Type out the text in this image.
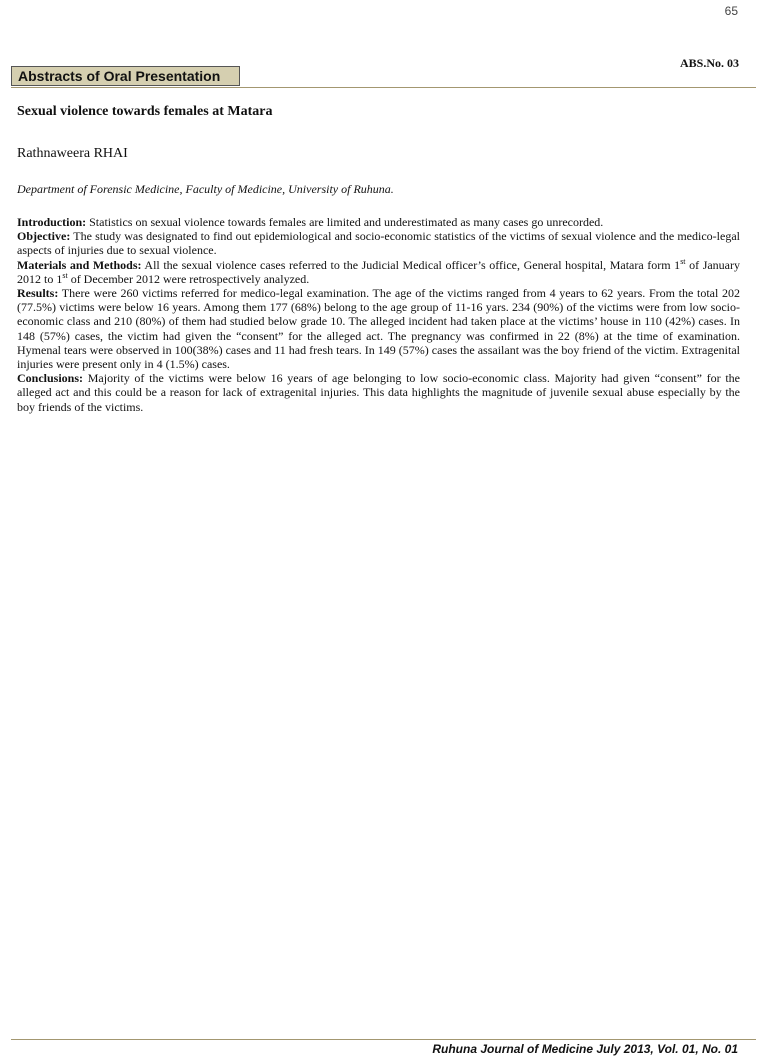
65
ABS.No. 03
Abstracts of Oral Presentation
Sexual violence towards females at Matara
Rathnaweera RHAI
Department of Forensic Medicine, Faculty of Medicine, University of Ruhuna.

Introduction: Statistics on sexual violence towards females are limited and underestimated as many cases go unrecorded.

Objective: The study was designated to find out epidemiological and socio-economic statistics of the victims of sexual violence and the medico-legal aspects of injuries due to sexual violence.

Materials and Methods: All the sexual violence cases referred to the Judicial Medical officer’s office, General hospital, Matara form 1st of January 2012 to 1st of December 2012 were retrospectively analyzed.

Results: There were 260 victims referred for medico-legal examination. The age of the victims ranged from 4 years to 62 years. From the total 202 (77.5%) victims were below 16 years. Among them 177 (68%) belong to the age group of 11-16 yars. 234 (90%) of the victims were from low socio-economic class and 210 (80%) of them had studied below grade 10. The alleged incident had taken place at the victims’ house in 110 (42%) cases. In 148 (57%) cases, the victim had given the “consent” for the alleged act. The pregnancy was confirmed in 22 (8%) at the time of examination. Hymenal tears were observed in 100(38%) cases and 11 had fresh tears. In 149 (57%) cases the assailant was the boy friend of the victim. Extragenital injuries were present only in 4 (1.5%) cases.

Conclusions: Majority of the victims were below 16 years of age belonging to low socio-economic class. Majority had given “consent” for the alleged act and this could be a reason for lack of extragenital injuries. This data highlights the magnitude of juvenile sexual abuse especially by the boy friends of the victims.

Ruhuna Journal of Medicine July 2013, Vol. 01, No. 01
